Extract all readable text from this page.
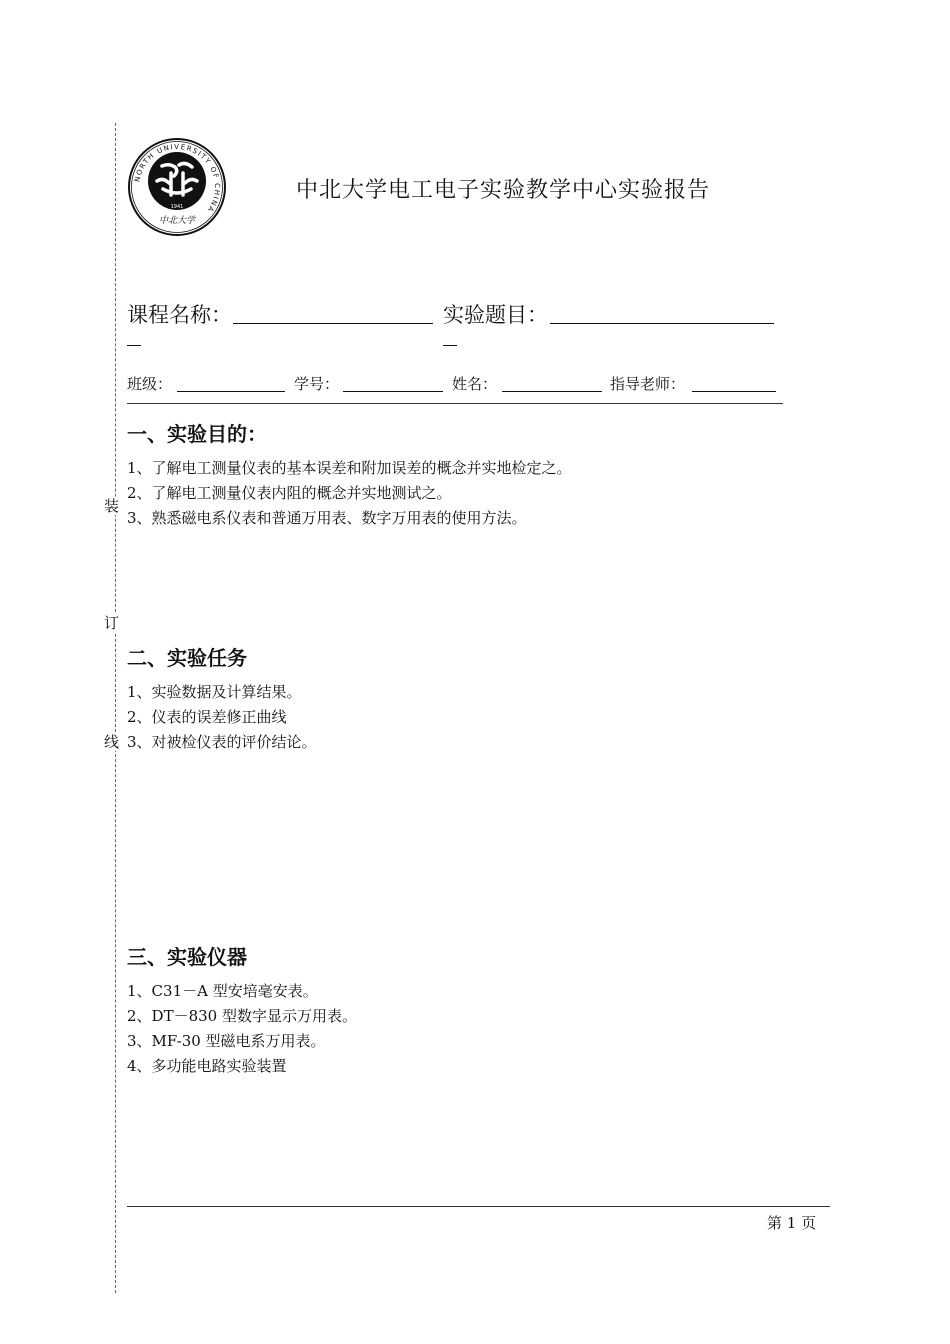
装
订
线
NORTH UNIVERSITY OF CHINA
1941
中北大学
中北大学电工电子实验教学中心实验报告
课程名称：	实验题目：
班级：	学号：	姓名：	指导老师：
一、实验目的：
1、了解电工测量仪表的基本误差和附加误差的概念并实地检定之。
2、了解电工测量仪表内阻的概念并实地测试之。
3、熟悉磁电系仪表和普通万用表、数字万用表的使用方法。
二、实验任务
1、实验数据及计算结果。
2、仪表的误差修正曲线
3、对被检仪表的评价结论。
三、实验仪器
1、C31－A 型安培毫安表。
2、DT－830 型数字显示万用表。
3、MF-30 型磁电系万用表。
4、多功能电路实验装置
第 1 页
